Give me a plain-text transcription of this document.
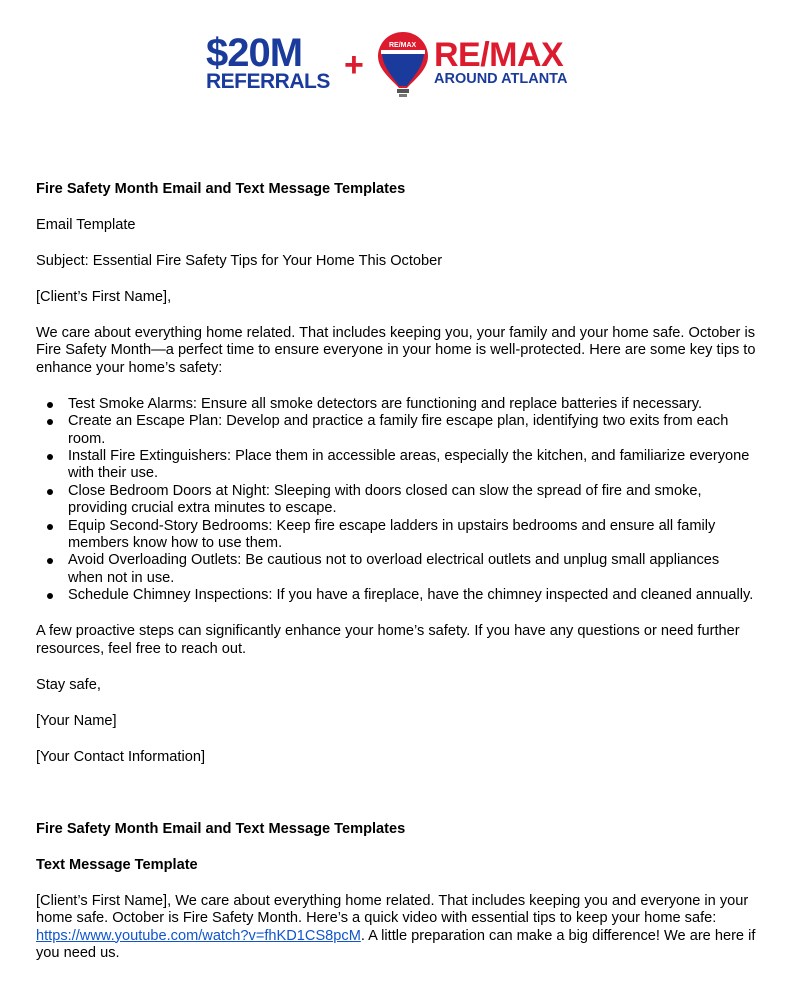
$20M
REFERRALS +
RE/MAX RE/MAX
AROUND ATLANTA

Fire Safety Month Email and Text Message Templates

Email Template

Subject: Essential Fire Safety Tips for Your Home This October

[Client’s First Name],

We care about everything home related. That includes keeping you, your family and your home safe. October is Fire Safety Month—a perfect time to ensure everyone in your home is well-protected. Here are some key tips to enhance your home’s safety:

Test Smoke Alarms: Ensure all smoke detectors are functioning and replace batteries if necessary.
Create an Escape Plan: Develop and practice a family fire escape plan, identifying two exits from each room.
Install Fire Extinguishers: Place them in accessible areas, especially the kitchen, and familiarize everyone with their use.
Close Bedroom Doors at Night: Sleeping with doors closed can slow the spread of fire and smoke, providing crucial extra minutes to escape.
Equip Second-Story Bedrooms: Keep fire escape ladders in upstairs bedrooms and ensure all family members know how to use them.
Avoid Overloading Outlets: Be cautious not to overload electrical outlets and unplug small appliances when not in use.
Schedule Chimney Inspections: If you have a fireplace, have the chimney inspected and cleaned annually.

A few proactive steps can significantly enhance your home’s safety. If you have any questions or need further resources, feel free to reach out.

Stay safe,

[Your Name]

[Your Contact Information]

Fire Safety Month Email and Text Message Templates

Text Message Template

[Client’s First Name], We care about everything home related. That includes keeping you and everyone in your home safe. October is Fire Safety Month. Here’s a quick video with essential tips to keep your home safe: https://www.youtube.com/watch?v=fhKD1CS8pcM. A little preparation can make a big difference! We are here if you need us.
